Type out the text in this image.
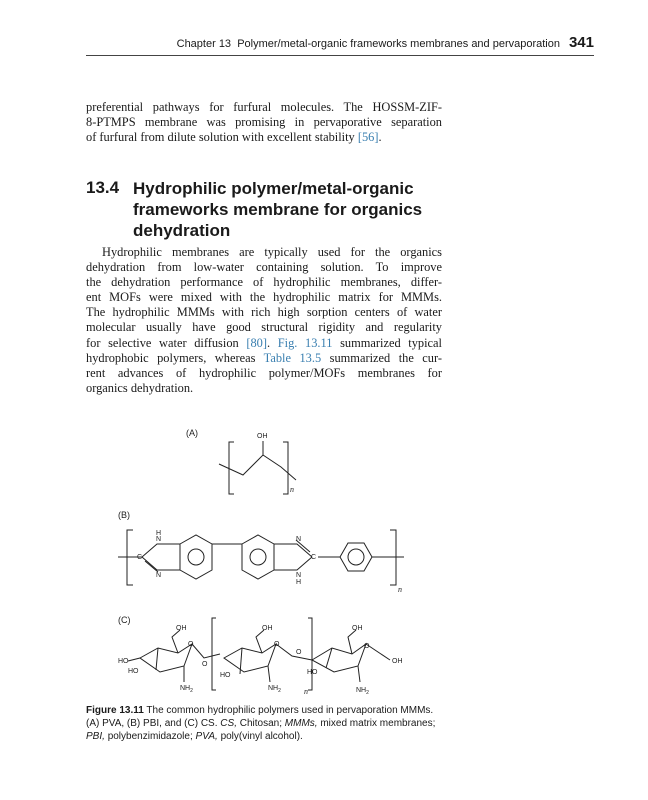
Chapter 13 Polymer/metal-organic frameworks membranes and pervaporation 341
preferential pathways for furfural molecules. The HOSSM-ZIF-
8-PTMPS membrane was promising in pervaporative separation
of furfural from dilute solution with excellent stability [56].
13.4 Hydrophilic polymer/metal-organic
frameworks membrane for organics
dehydration
Hydrophilic membranes are typically used for the organics
dehydration from low-water containing solution. To improve
the dehydration performance of hydrophilic membranes, differ-
ent MOFs were mixed with the hydrophilic matrix for MMMs.
The hydrophilic MMMs with rich high sorption centers of water
molecular usually have good structural rigidity and regularity
for selective water diffusion [80]. Fig. 13.11 summarized typical
hydrophobic polymers, whereas Table 13.5 summarized the cur-
rent advances of hydrophilic polymer/MOFs membranes for
organics dehydration.
(A)	OH
n
(B)
C
N
H
N
N
C
N
H
n
(C)
OH
O
HO
HO
$NH_2$
O
OH
O
HO
$NH_2$	n
O
OH
O
HO
OH
$NH_2$
Figure 13.11 The common hydrophilic polymers used in pervaporation MMMs.
(A) PVA, (B) PBI, and (C) CS. CS, Chitosan; MMMs, mixed matrix membranes;
PBI, polybenzimidazole; PVA, poly(vinyl alcohol).
